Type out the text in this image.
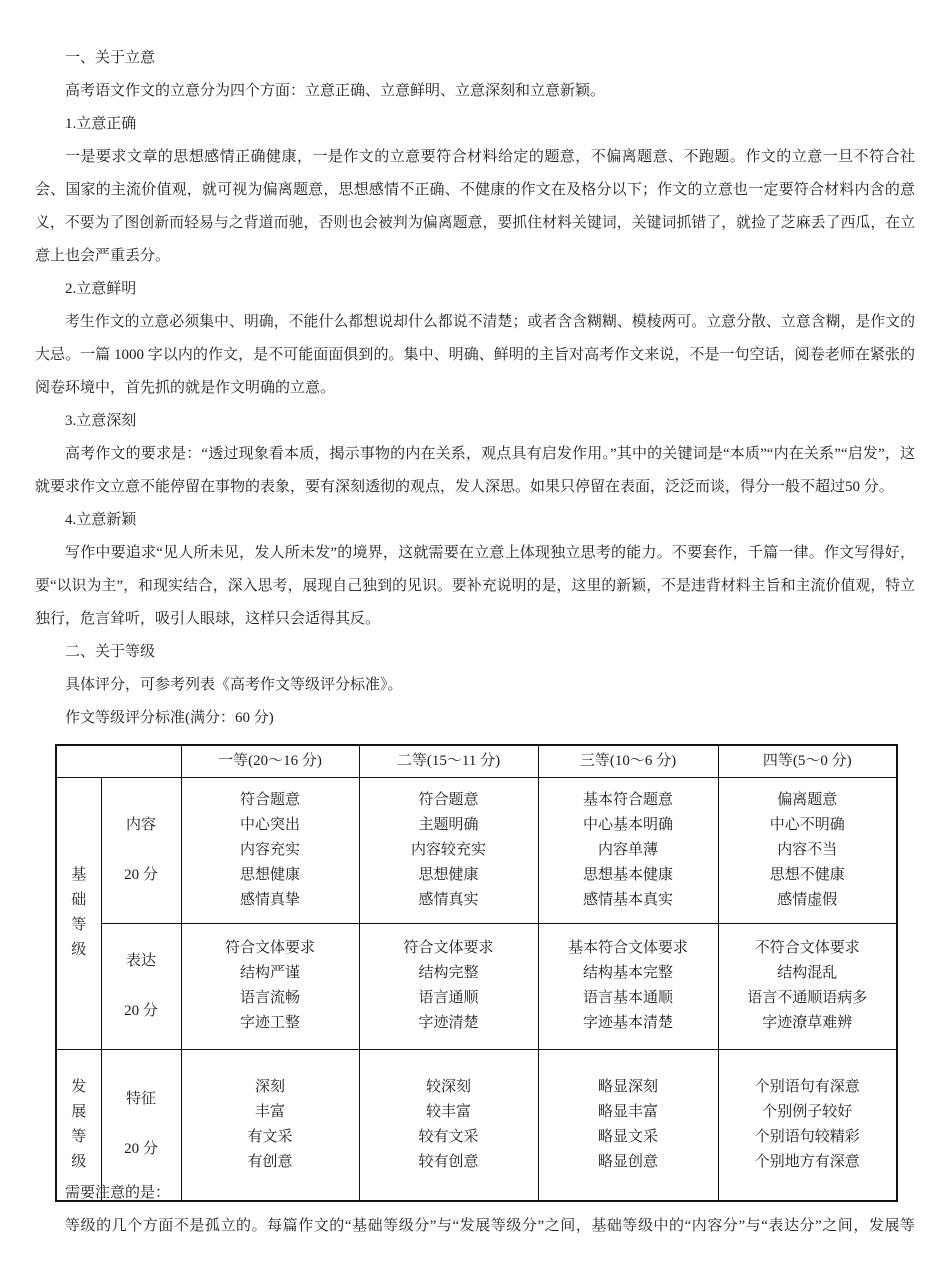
一、关于立意
高考语文作文的立意分为四个方面：立意正确、立意鲜明、立意深刻和立意新颖。
1.立意正确
一是要求文章的思想感情正确健康，一是作文的立意要符合材料给定的题意，不偏离题意、不跑题。作文的立意一旦不符合社
会、国家的主流价值观，就可视为偏离题意，思想感情不正确、不健康的作文在及格分以下；作文的立意也一定要符合材料内含的意
义，不要为了图创新而轻易与之背道而驰，否则也会被判为偏离题意，要抓住材料关键词，关键词抓错了，就捡了芝麻丢了西瓜，在立
意上也会严重丢分。
2.立意鲜明
考生作文的立意必须集中、明确，不能什么都想说却什么都说不清楚；或者含含糊糊、模棱两可。立意分散、立意含糊，是作文的
大忌。一篇 1000 字以内的作文，是不可能面面俱到的。集中、明确、鲜明的主旨对高考作文来说，不是一句空话，阅卷老师在紧张的
阅卷环境中，首先抓的就是作文明确的立意。
3.立意深刻
高考作文的要求是：“透过现象看本质，揭示事物的内在关系，观点具有启发作用。”其中的关键词是“本质”“内在关系”“启发”，这
就要求作文立意不能停留在事物的表象，要有深刻透彻的观点，发人深思。如果只停留在表面，泛泛而谈，得分一般不超过50 分。
4.立意新颖
写作中要追求“见人所未见，发人所未发”的境界，这就需要在立意上体现独立思考的能力。不要套作，千篇一律。作文写得好，
要“以识为主”，和现实结合，深入思考，展现自己独到的见识。要补充说明的是，这里的新颖，不是违背材料主旨和主流价值观，特立
独行，危言耸听，吸引人眼球，这样只会适得其反。
二、关于等级
具体评分，可参考列表《高考作文等级评分标准》。
作文等级评分标准(满分：60 分)
		一等(20～16 分)	二等(15～11 分)	三等(10～6 分)	四等(5～0 分)

基础等级	内容

20 分	符合题意
中心突出
内容充实
思想健康
感情真挚	符合题意
主题明确
内容较充实
思想健康
感情真实	基本符合题意
中心基本明确
内容单薄
思想基本健康
感情基本真实	偏离题意
中心不明确
内容不当
思想不健康
感情虚假

	表达

20 分	符合文体要求
结构严谨
语言流畅
字迹工整	符合文体要求
结构完整
语言通顺
字迹清楚	基本符合文体要求
结构基本完整
语言基本通顺
字迹基本清楚	不符合文体要求
结构混乱
语言不通顺语病多
字迹潦草难辨

发展等级	特征

20 分	深刻
丰富
有文采
有创意	较深刻
较丰富
较有文采
较有创意	略显深刻
略显丰富
略显文采
略显创意	个别语句有深意
个别例子较好
个别语句较精彩
个别地方有深意
需要注意的是：
等级的几个方面不是孤立的。每篇作文的“基础等级分”与“发展等级分”之间，基础等级中的“内容分”与“表达分”之间，发展等
